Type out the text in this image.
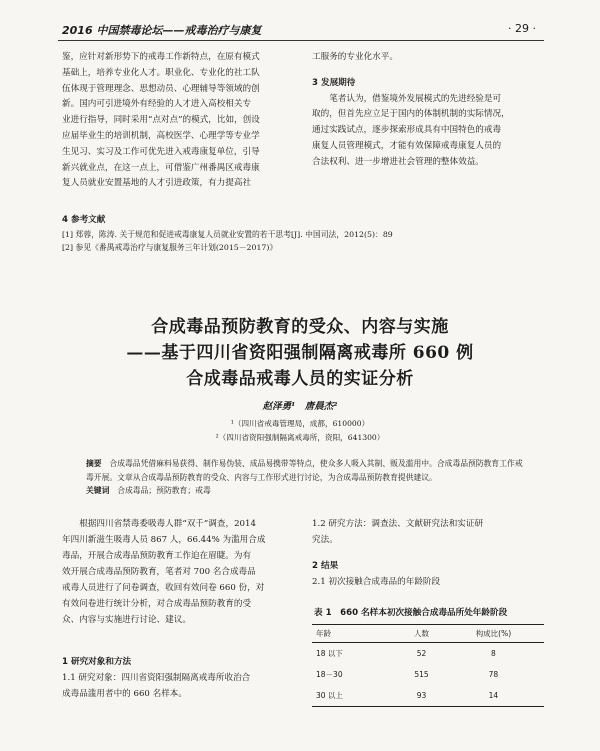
2016 中国禁毒论坛——戒毒治疗与康复	· 29 ·

鉴，应针对新形势下的戒毒工作新特点，在原有模式

基础上，培养专业化人才。职业化、专业化的社工队

伍体现于管理理念、思想动员、心理辅导等领域的创

新。国内可引进境外有经验的人才进入高校相关专

业进行指导，同时采用“点对点”的模式，比如，创设

应届毕业生的培训机制，高校医学、心理学等专业学

生见习、实习及工作可优先进入戒毒康复单位，引导

新兴就业点，在这一点上，可借鉴广州番禺区戒毒康

复人员就业安置基地的人才引进政策，有力提高社

工服务的专业化水平。

3 发展期待

笔者认为，借鉴境外发展模式的先进经验是可

取的，但首先应立足于国内的体制机制的实际情况，

通过实践试点，逐步探索形成具有中国特色的戒毒

康复人员管理模式，才能有效保障戒毒康复人员的

合法权利、进一步增进社会管理的整体效益。

4 参考文献

[1] 郑蓉，陈涛. 关于规范和促进戒毒康复人员就业安置的若干思考[J]. 中国司法，2012(5)：89

[2] 参见《番禺戒毒治疗与康复服务三年计划(2015－2017)》

合成毒品预防教育的受众、内容与实施
——基于四川省资阳强制隔离戒毒所 660 例
合成毒品戒毒人员的实证分析
赵泽勇¹　唐晨杰²
¹（四川省戒毒管理局，成都，610000）
²（四川省资阳强制隔离戒毒所，资阳，641300）
摘要　 合成毒品凭借麻料易获得、制作易伪装、成品易携带等特点，使众多人吸入其制、贩及滥用中。合成毒品预防教育工作戒毒开展。文章从合成毒品预防教育的受众、内容与工作形式进行讨论，为合成毒品预防教育提供建议。
关键词　 合成毒品；预防教育；戒毒

根据四川省禁毒委吸毒人群“双千”调查，2014

年四川新滋生吸毒人员 867 人，66.44% 为滥用合成

毒品，开展合成毒品预防教育工作迫在眉睫。为有

效开展合成毒品预防教育，笔者对 700 名合成毒品

戒毒人员进行了问卷调查，收回有效问卷 660 份，对

有效问卷进行统计分析，对合成毒品预防教育的受

众、内容与实施进行讨论、建议。

1 研究对象和方法

1.1 研究对象：四川省资阳强制隔离戒毒所收治合

成毒品滥用者中的 660 名样本。

1.2 研究方法：调查法、文献研究法和实证研

究法。

2 结果

2.1 初次接触合成毒品的年龄阶段

表 1　660 名样本初次接触合成毒品所处年龄阶段
年龄	人数	构成比(%)
18 以下	52	8
18－30	515	78
30 以上	93	14
